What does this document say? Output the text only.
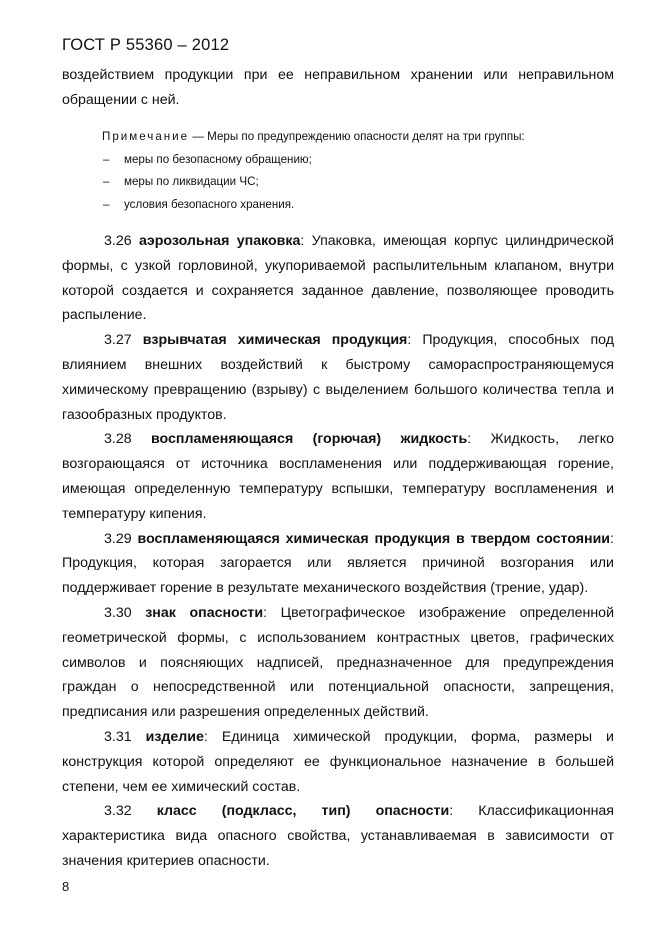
ГОСТ Р 55360 – 2012

воздействием продукции при ее неправильном хранении или неправильном обращении с ней.

Примечание — Меры по предупреждению опасности делят на три группы:
– меры по безопасному обращению;
– меры по ликвидации ЧС;
– условия безопасного хранения.

3.26 аэрозольная упаковка: Упаковка, имеющая корпус цилиндрической формы, с узкой горловиной, укупориваемой распылительным клапаном, внутри которой создается и сохраняется заданное давление, позволяющее проводить распыление.

3.27 взрывчатая химическая продукция: Продукция, способных под влиянием внешних воздействий к быстрому самораспространяющемуся химическому превращению (взрыву) с выделением большого количества тепла и газообразных продуктов.

3.28 воспламеняющаяся (горючая) жидкость: Жидкость, легко возгорающаяся от источника воспламенения или поддерживающая горение, имеющая определенную температуру вспышки, температуру воспламенения и температуру кипения.

3.29 воспламеняющаяся химическая продукция в твердом состоянии: Продукция, которая загорается или является причиной возгорания или поддерживает горение в результате механического воздействия (трение, удар).

3.30 знак опасности: Цветографическое изображение определенной геометрической формы, с использованием контрастных цветов, графических символов и поясняющих надписей, предназначенное для предупреждения граждан о непосредственной или потенциальной опасности, запрещения, предписания или разрешения определенных действий.

3.31 изделие: Единица химической продукции, форма, размеры и конструкция которой определяют ее функциональное назначение в большей степени, чем ее химический состав.

3.32 класс (подкласс, тип) опасности: Классификационная характеристика вида опасного свойства, устанавливаемая в зависимости от значения критериев опасности.

8
